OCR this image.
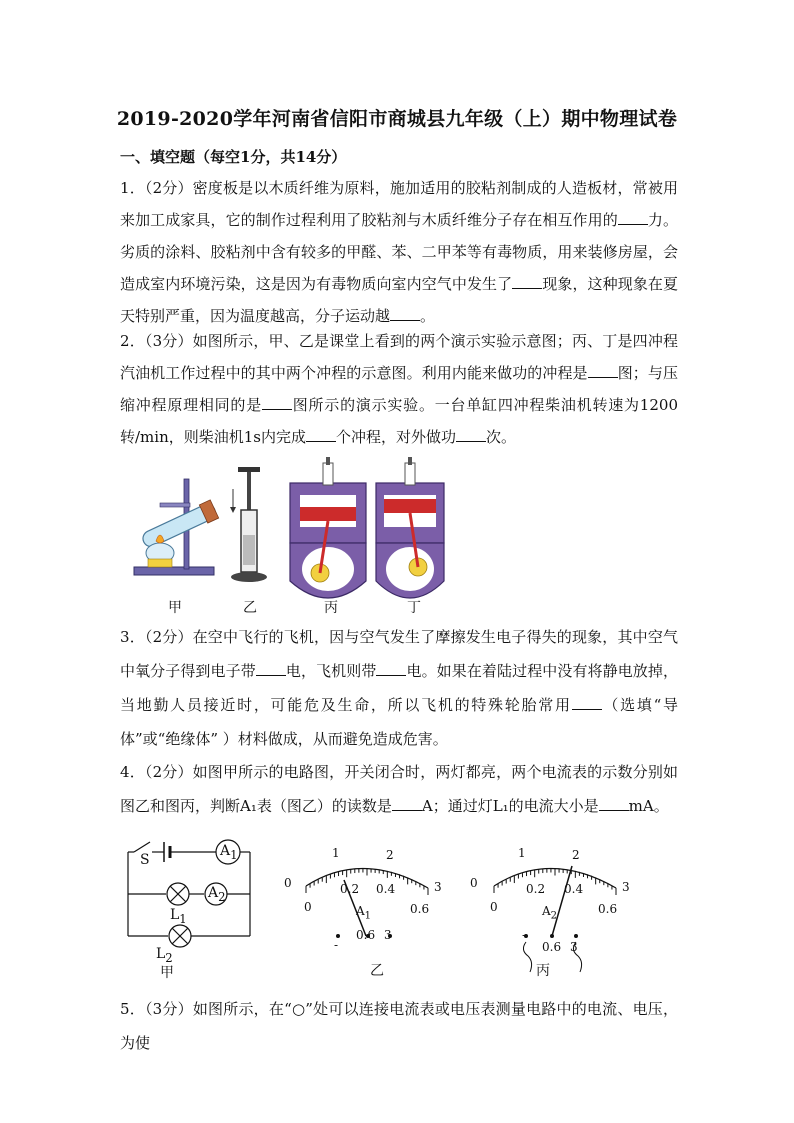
2019-2020学年河南省信阳市商城县九年级（上）期中物理试卷
一、填空题（每空1分，共14分）
1．（2分）密度板是以木质纤维为原料，施加适用的胶粘剂制成的人造板材，常被用来加工成家具，它的制作过程利用了胶粘剂与木质纤维分子存在相互作用的 力。劣质的涂料、胶粘剂中含有较多的甲醛、苯、二甲苯等有毒物质，用来装修房屋，会造成室内环境污染，这是因为有毒物质向室内空气中发生了 现象，这种现象在夏天特别严重，因为温度越高，分子运动越 。
2．（3分）如图所示，甲、乙是课堂上看到的两个演示实验示意图；丙、丁是四冲程汽油机工作过程中的其中两个冲程的示意图。利用内能来做功的冲程是 图；与压缩冲程原理相同的是 图所示的演示实验。一台单缸四冲程柴油机转速为1200转/min，则柴油机1s内完成 个冲程，对外做功 次。
甲	乙	丙	丁
3．（2分）在空中飞行的飞机，因与空气发生了摩擦发生电子得失的现象，其中空气中氧分子得到电子带 电，飞机则带 电。如果在着陆过程中没有将静电放掉，当地勤人员接近时，可能危及生命，所以飞机的特殊轮胎常用 （选填“导体”或“绝缘体” ）材料做成，从而避免造成危害。
4．（2分）如图甲所示的电路图，开关闭合时，两灯都亮，两个电流表的示数分别如图乙和图丙，判断A₁表（图乙）的读数是 A；通过灯L₁的电流大小是 mA。
S
$A_1$
$A_2$
$L_1$
$L_2$
甲
0	3
1	2
0
0.2 0.4
0.6
$A_1$
-
0.6 3
乙
0	3
1	2
0
0.2 0.4
0.6
$A_2$
-
0.6 3
丙
5．（3分）如图所示，在“○”处可以连接电流表或电压表测量电路中的电流、电压，为使
